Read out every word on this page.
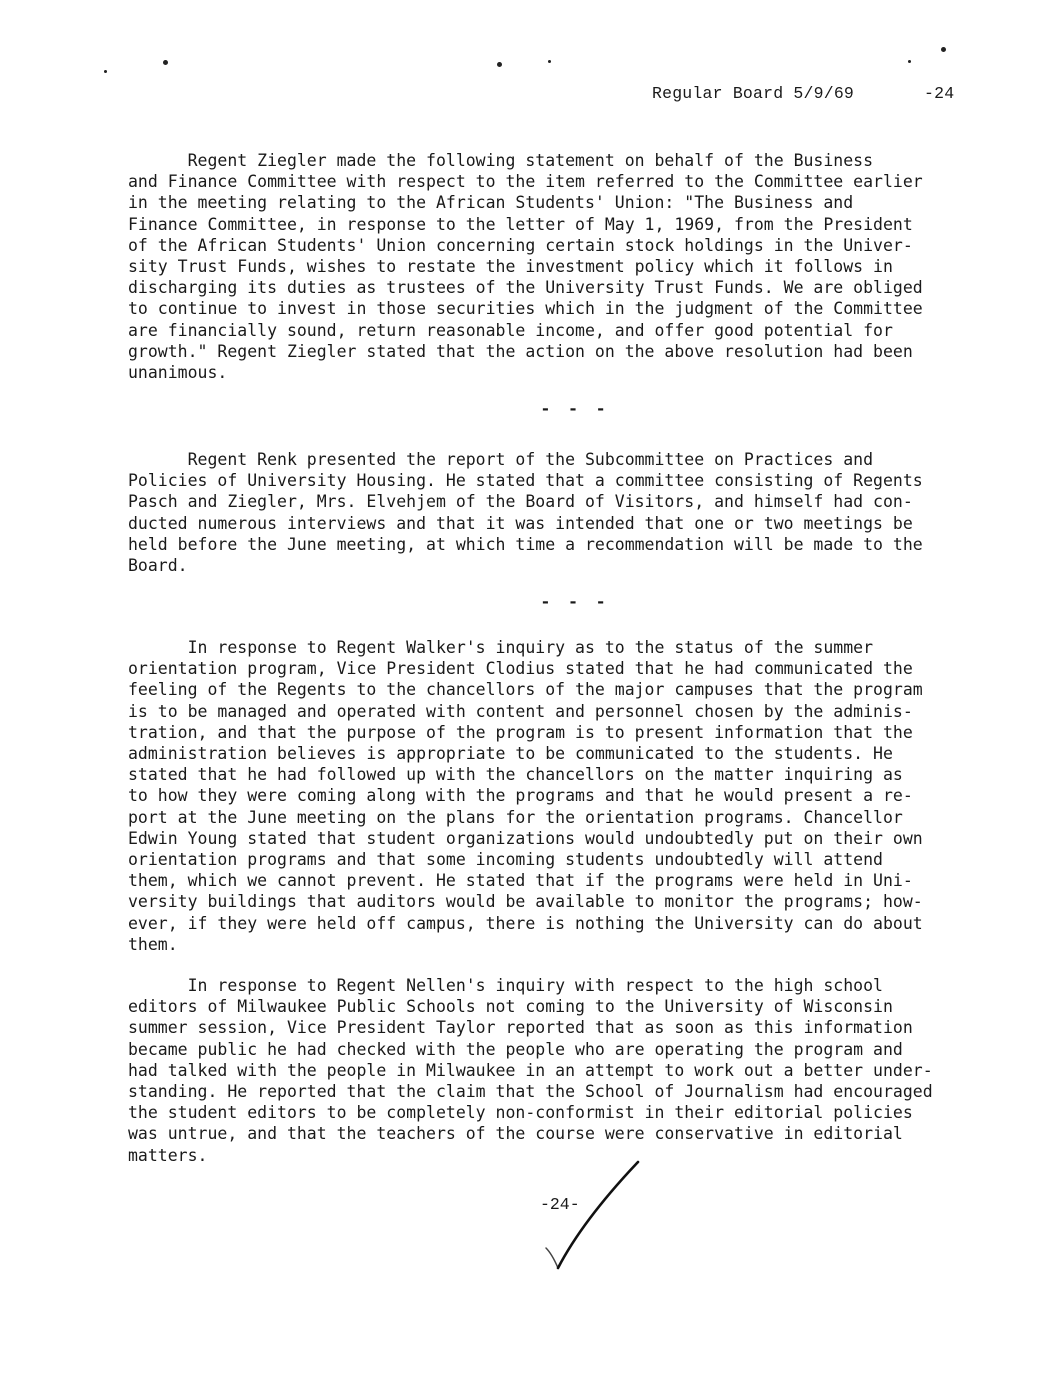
Regular Board 5/9/69	-24
Regent Ziegler made the following statement on behalf of the Business
and Finance Committee with respect to the item referred to the Committee earlier
in the meeting relating to the African Students' Union: "The Business and
Finance Committee, in response to the letter of May 1, 1969, from the President
of the African Students' Union concerning certain stock holdings in the Univer-
sity Trust Funds, wishes to restate the investment policy which it follows in
discharging its duties as trustees of the University Trust Funds. We are obliged
to continue to invest in those securities which in the judgment of the Committee
are financially sound, return reasonable income, and offer good potential for
growth." Regent Ziegler stated that the action on the above resolution had been
unanimous.
- - -
Regent Renk presented the report of the Subcommittee on Practices and
Policies of University Housing. He stated that a committee consisting of Regents
Pasch and Ziegler, Mrs. Elvehjem of the Board of Visitors, and himself had con-
ducted numerous interviews and that it was intended that one or two meetings be
held before the June meeting, at which time a recommendation will be made to the
Board.
- - -
In response to Regent Walker's inquiry as to the status of the summer
orientation program, Vice President Clodius stated that he had communicated the
feeling of the Regents to the chancellors of the major campuses that the program
is to be managed and operated with content and personnel chosen by the adminis-
tration, and that the purpose of the program is to present information that the
administration believes is appropriate to be communicated to the students. He
stated that he had followed up with the chancellors on the matter inquiring as
to how they were coming along with the programs and that he would present a re-
port at the June meeting on the plans for the orientation programs. Chancellor
Edwin Young stated that student organizations would undoubtedly put on their own
orientation programs and that some incoming students undoubtedly will attend
them, which we cannot prevent. He stated that if the programs were held in Uni-
versity buildings that auditors would be available to monitor the programs; how-
ever, if they were held off campus, there is nothing the University can do about
them.
In response to Regent Nellen's inquiry with respect to the high school
editors of Milwaukee Public Schools not coming to the University of Wisconsin
summer session, Vice President Taylor reported that as soon as this information
became public he had checked with the people who are operating the program and
had talked with the people in Milwaukee in an attempt to work out a better under-
standing. He reported that the claim that the School of Journalism had encouraged
the student editors to be completely non-conformist in their editorial policies
was untrue, and that the teachers of the course were conservative in editorial
matters.
-24-
